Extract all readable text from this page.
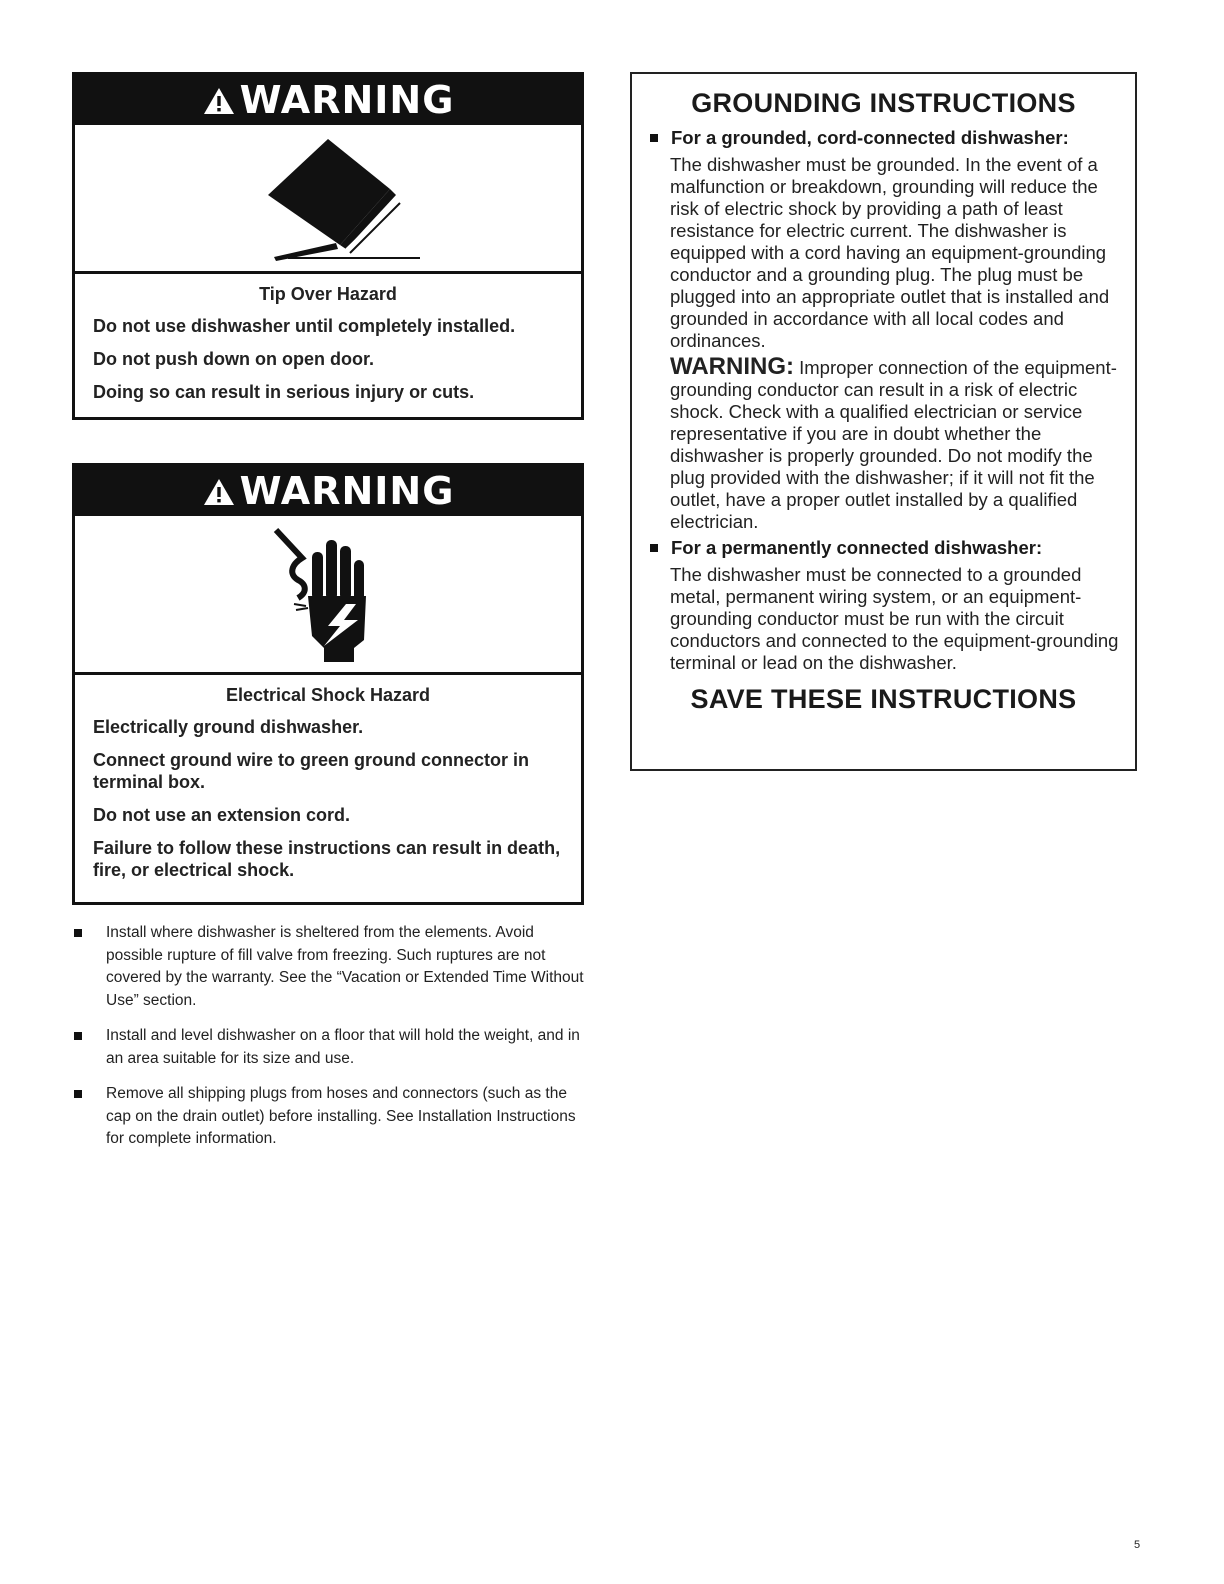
WARNING
Tip Over Hazard
Do not use dishwasher until completely installed.
Do not push down on open door.
Doing so can result in serious injury or cuts.
WARNING
Electrical Shock Hazard
Electrically ground dishwasher.
Connect ground wire to green ground connector in terminal box.
Do not use an extension cord.
Failure to follow these instructions can result in death, fire, or electrical shock.
Install where dishwasher is sheltered from the elements. Avoid possible rupture of fill valve from freezing. Such ruptures are not covered by the warranty. See the “Vacation or Extended Time Without Use” section.
Install and level dishwasher on a floor that will hold the weight, and in an area suitable for its size and use.
Remove all shipping plugs from hoses and connectors (such as the cap on the drain outlet) before installing. See Installation Instructions for complete information.
GROUNDING INSTRUCTIONS
For a grounded, cord-connected dishwasher:
The dishwasher must be grounded. In the event of a malfunction or breakdown, grounding will reduce the risk of electric shock by providing a path of least resistance for electric current. The dishwasher is equipped with a cord having an equipment-grounding conductor and a grounding plug. The plug must be plugged into an appropriate outlet that is installed and grounded in accordance with all local codes and ordinances.
WARNING: Improper connection of the equipment-grounding conductor can result in a risk of electric shock. Check with a qualified electrician or service representative if you are in doubt whether the dishwasher is properly grounded. Do not modify the plug provided with the dishwasher; if it will not fit the outlet, have a proper outlet installed by a qualified electrician.
For a permanently connected dishwasher:
The dishwasher must be connected to a grounded metal, permanent wiring system, or an equipment-grounding conductor must be run with the circuit conductors and connected to the equipment-grounding terminal or lead on the dishwasher.
SAVE THESE INSTRUCTIONS
5
